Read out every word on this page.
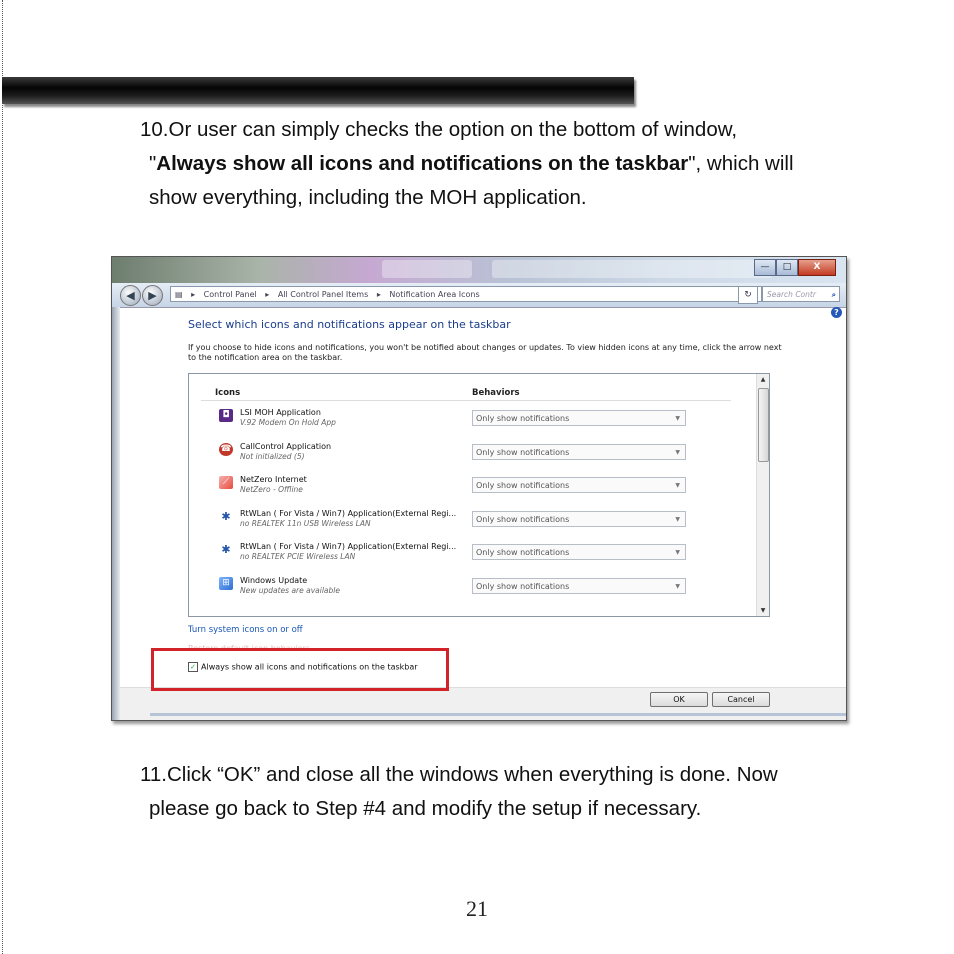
10.Or user can simply checks the option on the bottom of window,
"Always show all icons and notifications on the taskbar", which will
show everything, including the MOH application.
—	□	X
◀	▶	▤ ▸ Control Panel ▸ All Control Panel Items ▸ Notification Area Icons	↻	Search Contr ⌕
?
Select which icons and notifications appear on the taskbar
If you choose to hide icons and notifications, you won't be notified about changes or updates. To view hidden icons at any time, click the arrow next to the notification area on the taskbar.
Icons	Behaviors
◘	LSI MOH Application
V.92 Modem On Hold App	Only show notifications	▼
☎ CallControl Application
Not initialized (5)	Only show notifications	▼
⟋	NetZero Internet
NetZero - Offline	Only show notifications	▼
✱ RtWLan ( For Vista / Win7) Application(External Regi...
no REALTEK 11n USB Wireless LAN	Only show notifications	▼
✱ RtWLan ( For Vista / Win7) Application(External Regi...
no REALTEK PCIE Wireless LAN	Only show notifications	▼
⊞	Windows Update
New updates are available	Only show notifications	▼
▲
▼
Turn system icons on or off
Restore default icon behaviors
✓ Always show all icons and notifications on the taskbar
OK	Cancel
11.Click “OK” and close all the windows when everything is done. Now
please go back to Step #4 and modify the setup if necessary.
21
